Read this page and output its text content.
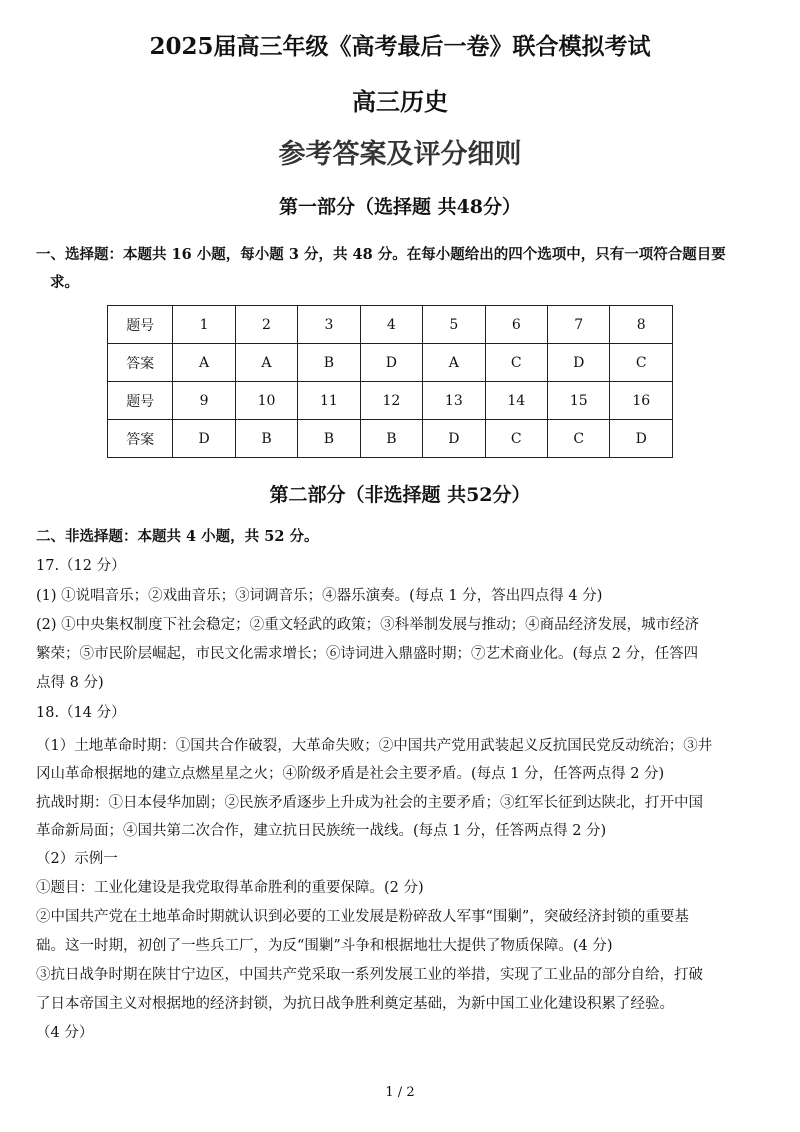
2025届高三年级《高考最后一卷》联合模拟考试
高三历史
参考答案及评分细则
第一部分（选择题 共48分）
一、选择题：本题共 16 小题，每小题 3 分，共 48 分。在每小题给出的四个选项中，只有一项符合题目要
求。
题号	1	2	3	4	5	6	7	8
答案	A	A	B	D	A	C	D	C
题号	9	10	11	12	13	14	15	16
答案	D	B	B	B	D	C	C	D
第二部分（非选择题 共52分）
二、非选择题：本题共 4 小题，共 52 分。
17.（12 分）
(1) ①说唱音乐；②戏曲音乐；③词调音乐；④器乐演奏。(每点 1 分，答出四点得 4 分)
(2) ①中央集权制度下社会稳定；②重文轻武的政策；③科举制发展与推动；④商品经济发展，城市经济
繁荣；⑤市民阶层崛起，市民文化需求增长；⑥诗词进入鼎盛时期；⑦艺术商业化。(每点 2 分，任答四
点得 8 分)
18.（14 分）
（1）土地革命时期：①国共合作破裂，大革命失败；②中国共产党用武装起义反抗国民党反动统治；③井
冈山革命根据地的建立点燃星星之火；④阶级矛盾是社会主要矛盾。(每点 1 分，任答两点得 2 分)
抗战时期：①日本侵华加剧；②民族矛盾逐步上升成为社会的主要矛盾；③红军长征到达陕北，打开中国
革命新局面；④国共第二次合作，建立抗日民族统一战线。(每点 1 分，任答两点得 2 分)
（2）示例一
①题目：工业化建设是我党取得革命胜利的重要保障。(2 分)
②中国共产党在土地革命时期就认识到必要的工业发展是粉碎敌人军事“围剿”，突破经济封锁的重要基
础。这一时期，初创了一些兵工厂，为反“围剿”斗争和根据地壮大提供了物质保障。(4 分)
③抗日战争时期在陕甘宁边区，中国共产党采取一系列发展工业的举措，实现了工业品的部分自给，打破
了日本帝国主义对根据地的经济封锁，为抗日战争胜利奠定基础，为新中国工业化建设积累了经验。
（4 分）
1 / 2
